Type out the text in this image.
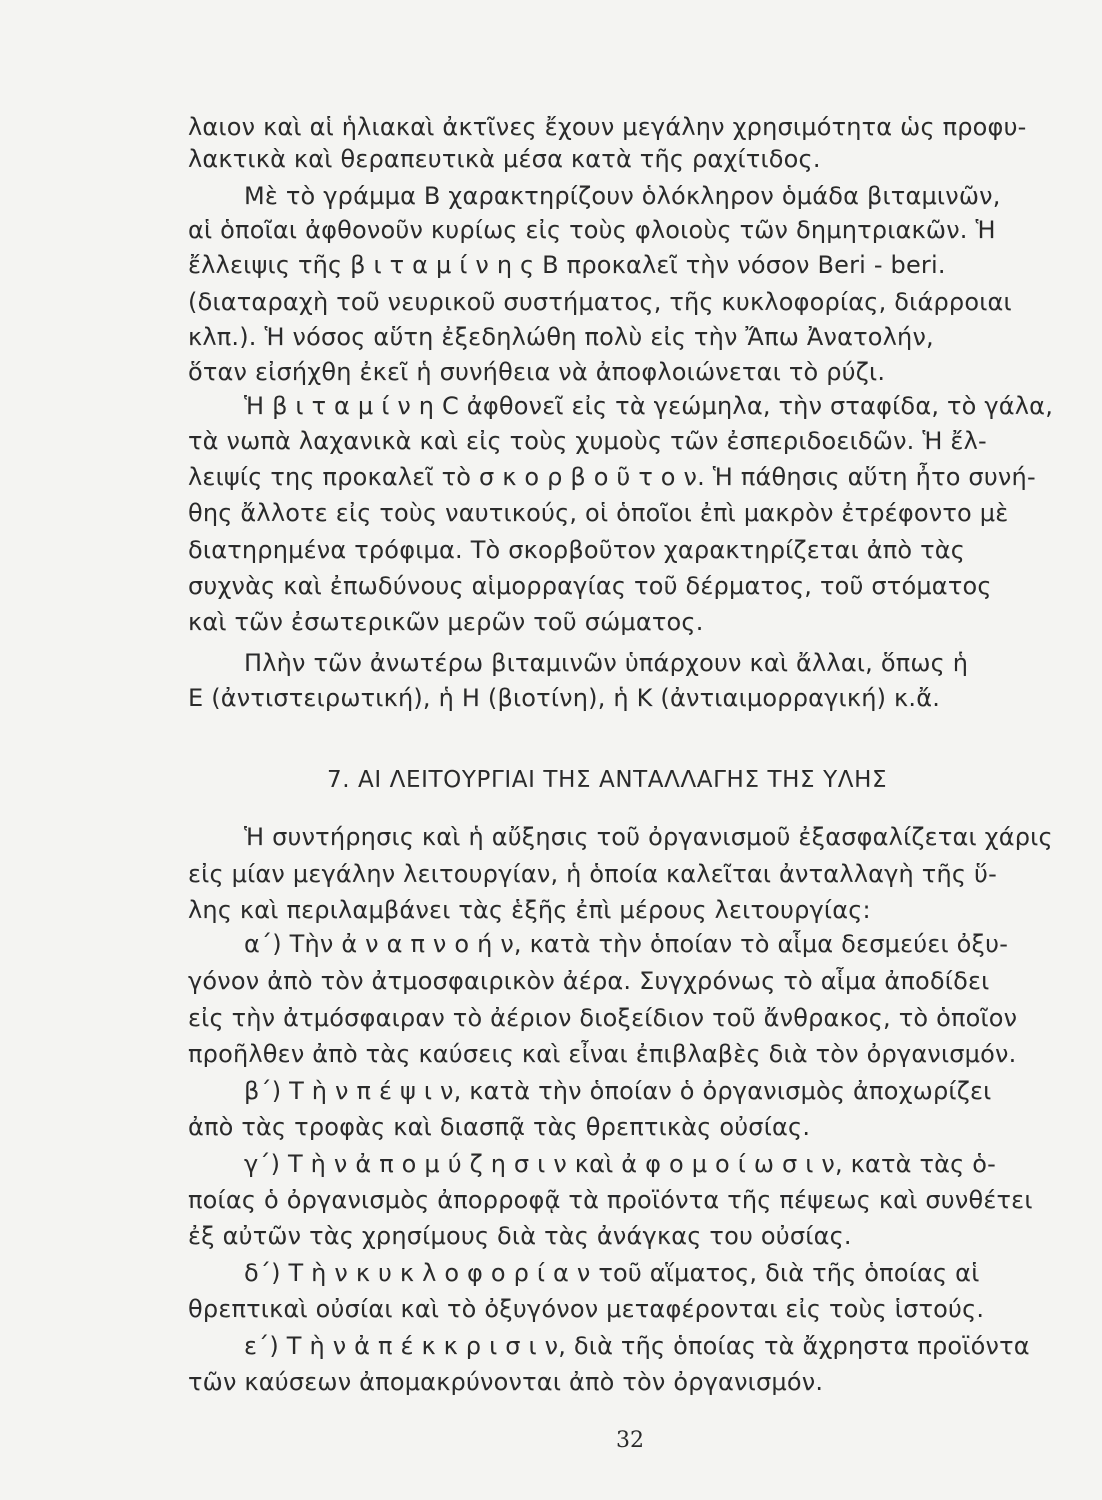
λαιον καὶ αἱ ἡλιακαὶ ἀκτῖνες ἔχουν μεγάλην χρησιμότητα ὡς προφυ-
λακτικὰ καὶ θεραπευτικὰ μέσα κατὰ τῆς ραχίτιδος.
Μὲ τὸ γράμμα Β χαρακτηρίζουν ὁλόκληρον ὁμάδα βιταμινῶν,
αἱ ὁποῖαι ἀφθονοῦν κυρίως εἰς τοὺς φλοιοὺς τῶν δημητριακῶν. Ἡ
ἔλλειψις τῆς β ι τ α μ ί ν η ς Β προκαλεῖ τὴν νόσον Beri - beri.
(διαταραχὴ τοῦ νευρικοῦ συστήματος, τῆς κυκλοφορίας, διάρροιαι
κλπ.). Ἡ νόσος αὕτη ἐξεδηλώθη πολὺ εἰς τὴν Ἄπω Ἀνατολήν,
ὅταν εἰσήχθη ἐκεῖ ἡ συνήθεια νὰ ἀποφλοιώνεται τὸ ρύζι.
Ἡ β ι τ α μ ί ν η C ἀφθονεῖ εἰς τὰ γεώμηλα, τὴν σταφίδα, τὸ γάλα,
τὰ νωπὰ λαχανικὰ καὶ εἰς τοὺς χυμοὺς τῶν ἐσπεριδοειδῶν. Ἡ ἔλ-
λειψίς της προκαλεῖ τὸ σ κ ο ρ β ο ῦ τ ο ν. Ἡ πάθησις αὕτη ἦτο συνή-
θης ἄλλοτε εἰς τοὺς ναυτικούς, οἱ ὁποῖοι ἐπὶ μακρὸν ἐτρέφοντο μὲ
διατηρημένα τρόφιμα. Τὸ σκορβοῦτον χαρακτηρίζεται ἀπὸ τὰς
συχνὰς καὶ ἐπωδύνους αἱμορραγίας τοῦ δέρματος, τοῦ στόματος
καὶ τῶν ἐσωτερικῶν μερῶν τοῦ σώματος.
Πλὴν τῶν ἀνωτέρω βιταμινῶν ὑπάρχουν καὶ ἄλλαι, ὅπως ἡ
Ε (ἀντιστειρωτική), ἡ Η (βιοτίνη), ἡ Κ (ἀντιαιμορραγική) κ.ἄ.
7. ΑΙ ΛΕΙΤΟΥΡΓΙΑΙ ΤΗΣ ΑΝΤΑΛΛΑΓΗΣ ΤΗΣ ΥΛΗΣ
Ἡ συντήρησις καὶ ἡ αὔξησις τοῦ ὀργανισμοῦ ἐξασφαλίζεται χάρις
εἰς μίαν μεγάλην λειτουργίαν, ἡ ὁποία καλεῖται ἀνταλλαγὴ τῆς ὕ-
λης καὶ περιλαμβάνει τὰς ἑξῆς ἐπὶ μέρους λειτουργίας:
α΄) Τὴν ἀ ν α π ν ο ή ν, κατὰ τὴν ὁποίαν τὸ αἷμα δεσμεύει ὀξυ-
γόνον ἀπὸ τὸν ἀτμοσφαιρικὸν ἀέρα. Συγχρόνως τὸ αἷμα ἀποδίδει
εἰς τὴν ἀτμόσφαιραν τὸ ἀέριον διοξείδιον τοῦ ἄνθρακος, τὸ ὁποῖον
προῆλθεν ἀπὸ τὰς καύσεις καὶ εἶναι ἐπιβλαβὲς διὰ τὸν ὀργανισμόν.
β΄) Τ ὴ ν π έ ψ ι ν, κατὰ τὴν ὁποίαν ὁ ὀργανισμὸς ἀποχωρίζει
ἀπὸ τὰς τροφὰς καὶ διασπᾷ τὰς θρεπτικὰς οὐσίας.
γ΄) Τ ὴ ν ἀ π ο μ ύ ζ η σ ι ν καὶ ἀ φ ο μ ο ί ω σ ι ν, κατὰ τὰς ὁ-
ποίας ὁ ὀργανισμὸς ἀπορροφᾷ τὰ προϊόντα τῆς πέψεως καὶ συνθέτει
ἐξ αὐτῶν τὰς χρησίμους διὰ τὰς ἀνάγκας του οὐσίας.
δ΄) Τ ὴ ν κ υ κ λ ο φ ο ρ ί α ν τοῦ αἵματος, διὰ τῆς ὁποίας αἱ
θρεπτικαὶ οὐσίαι καὶ τὸ ὀξυγόνον μεταφέρονται εἰς τοὺς ἱστούς.
ε΄) Τ ὴ ν ἀ π έ κ κ ρ ι σ ι ν, διὰ τῆς ὁποίας τὰ ἄχρηστα προϊόντα
τῶν καύσεων ἀπομακρύνονται ἀπὸ τὸν ὀργανισμόν.
32
